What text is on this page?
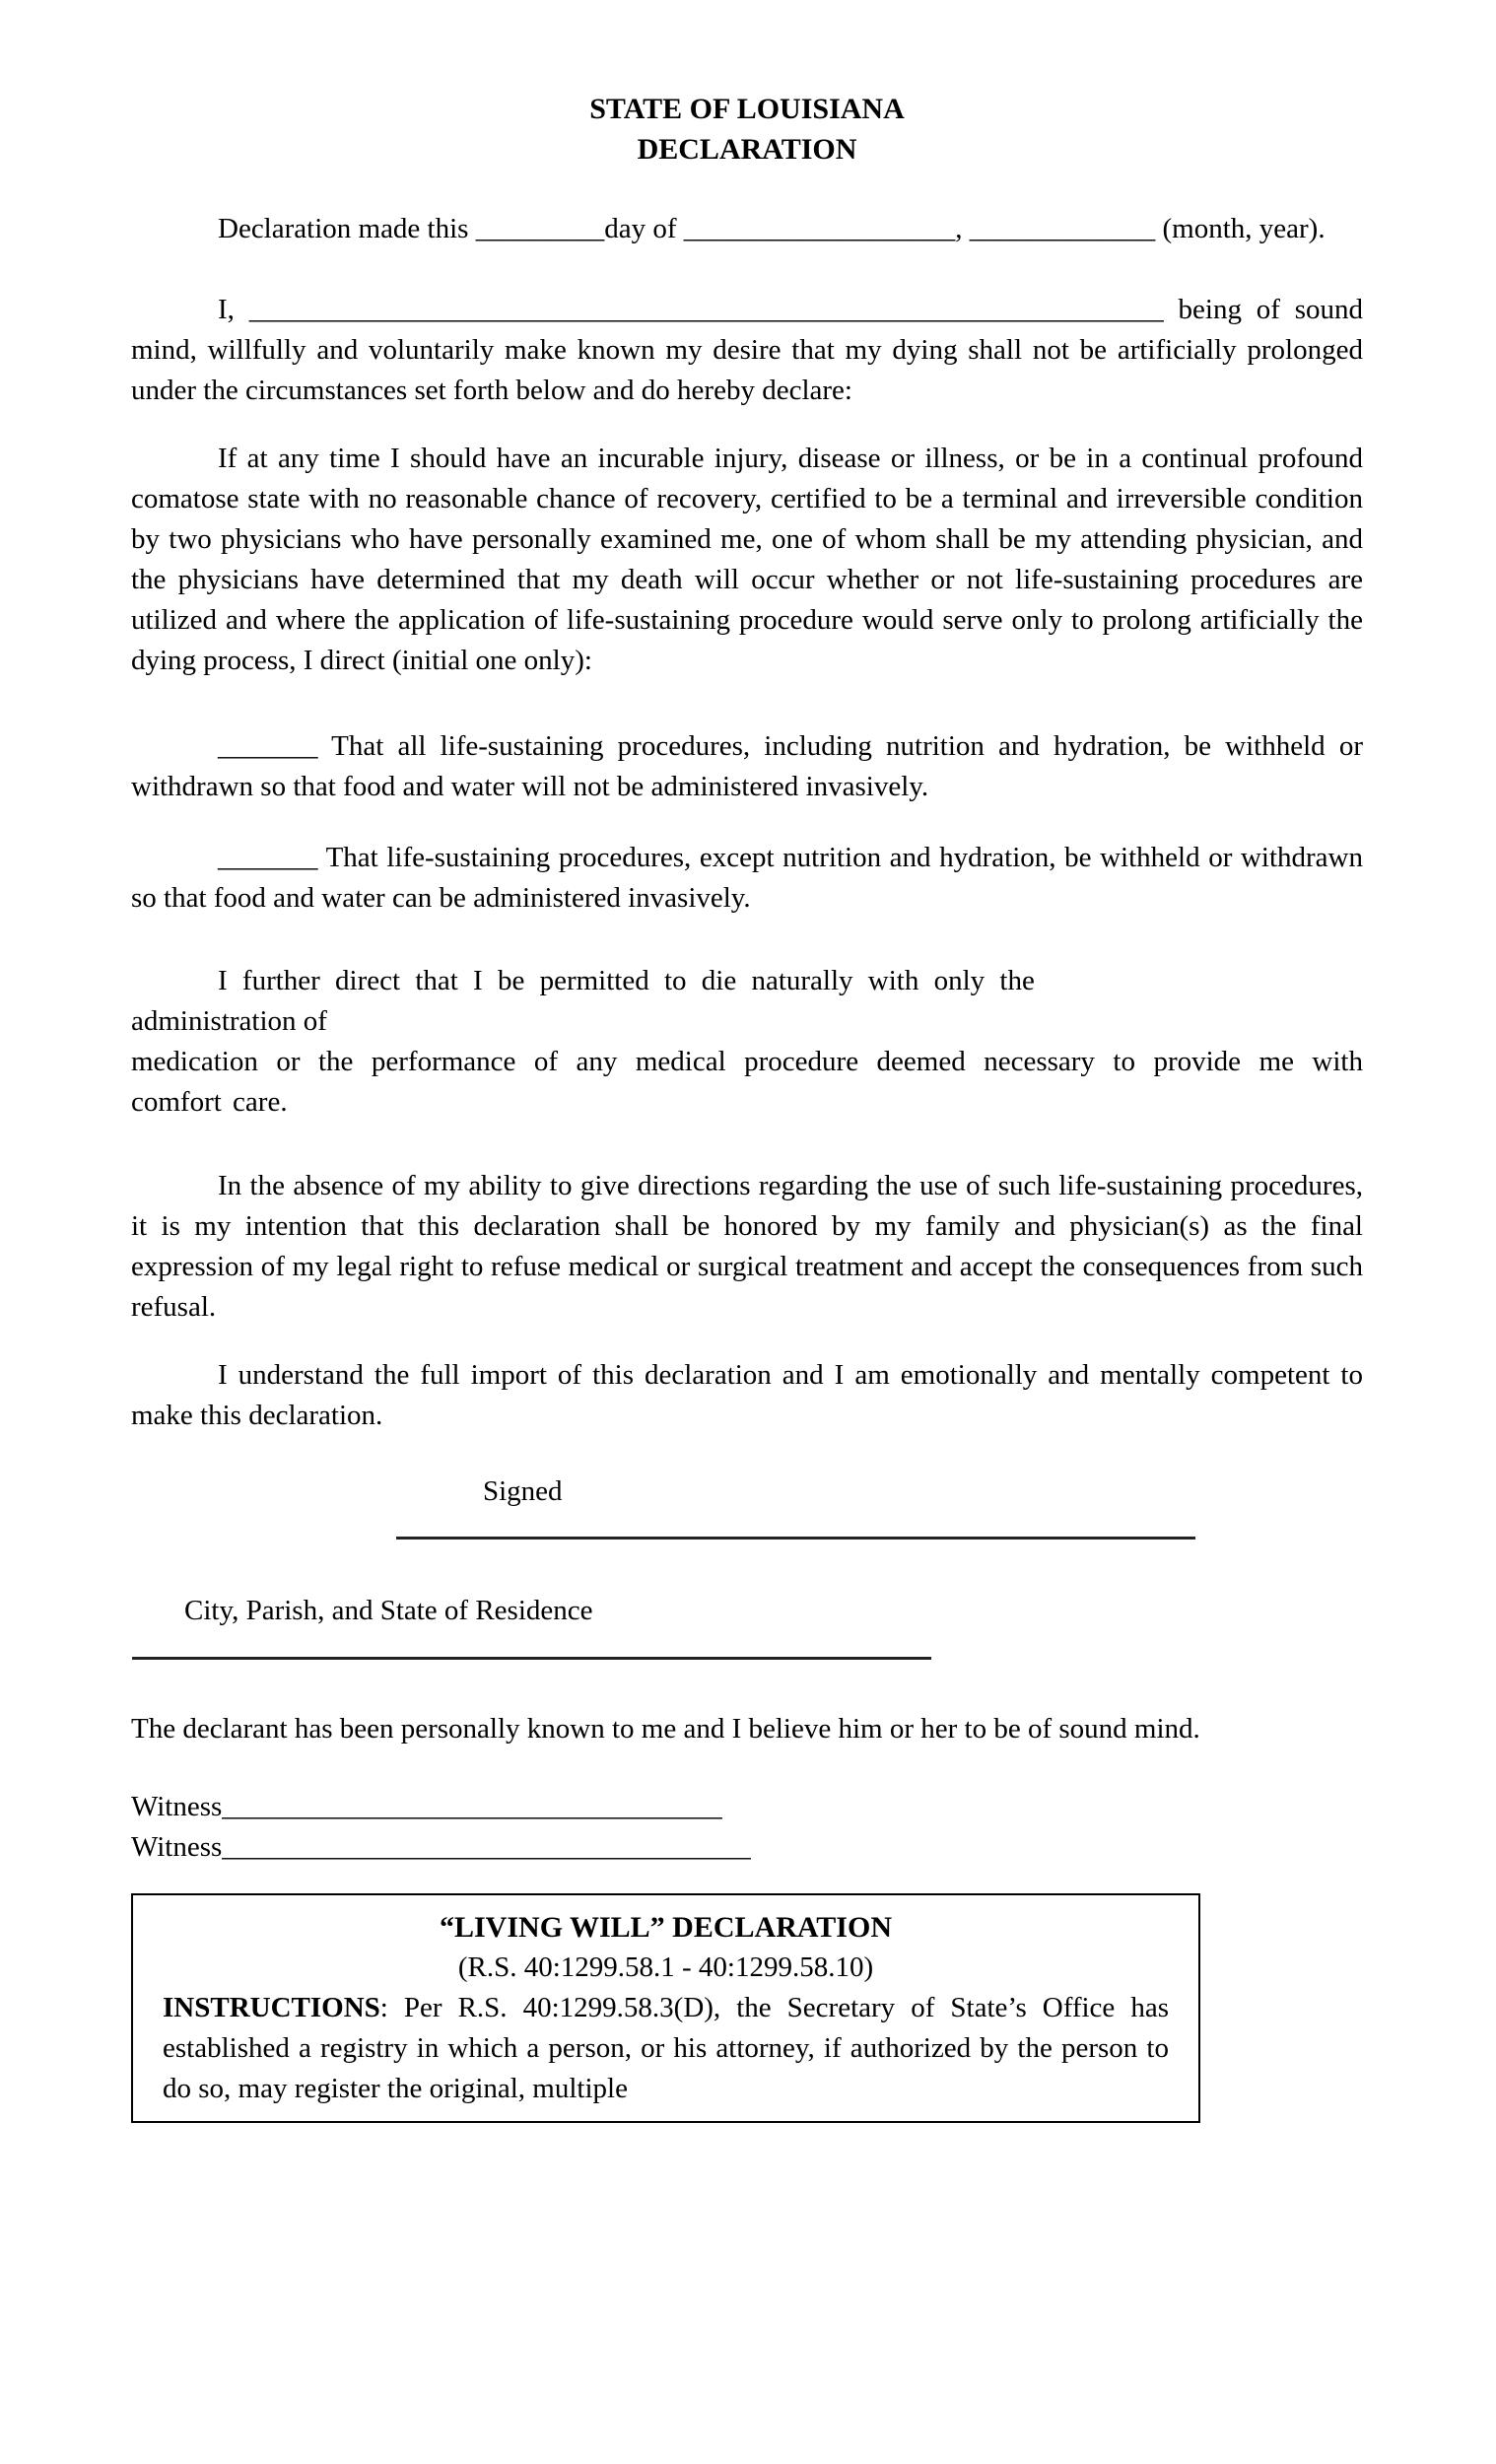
STATE OF LOUISIANA
DECLARATION
Declaration made this _________day of ___________________, _____________ (month, year).
I, ________________________________________________________________ being of sound mind, willfully and voluntarily make known my desire that my dying shall not be artificially prolonged under the circumstances set forth below and do hereby declare:
If at any time I should have an incurable injury, disease or illness, or be in a continual profound comatose state with no reasonable chance of recovery, certified to be a terminal and irreversible condition by two physicians who have personally examined me, one of whom shall be my attending physician, and the physicians have determined that my death will occur whether or not life-sustaining procedures are utilized and where the application of life-sustaining procedure would serve only to prolong artificially the dying process, I direct (initial one only):
_______ That all life-sustaining procedures, including nutrition and hydration, be withheld or withdrawn so that food and water will not be administered invasively.
_______ That life-sustaining procedures, except nutrition and hydration, be withheld or withdrawn so that food and water can be administered invasively.
I further direct that I be permitted to die naturally with only the
administration of
medication or the performance of any medical procedure deemed necessary to provide me with comfort care.
In the absence of my ability to give directions regarding the use of such life-sustaining procedures, it is my intention that this declaration shall be honored by my family and physician(s) as the final expression of my legal right to refuse medical or surgical treatment and accept the consequences from such refusal.
I understand the full import of this declaration and I am emotionally and mentally competent to make this declaration.
Signed
City, Parish, and State of Residence
The declarant has been personally known to me and I believe him or her to be of sound mind.
Witness___________________________________
Witness_____________________________________
“LIVING WILL” DECLARATION
(R.S. 40:1299.58.1 - 40:1299.58.10)
INSTRUCTIONS: Per R.S. 40:1299.58.3(D), the Secretary of State’s Office has established a registry in which a person, or his attorney, if authorized by the person to do so, may register the original, multiple
